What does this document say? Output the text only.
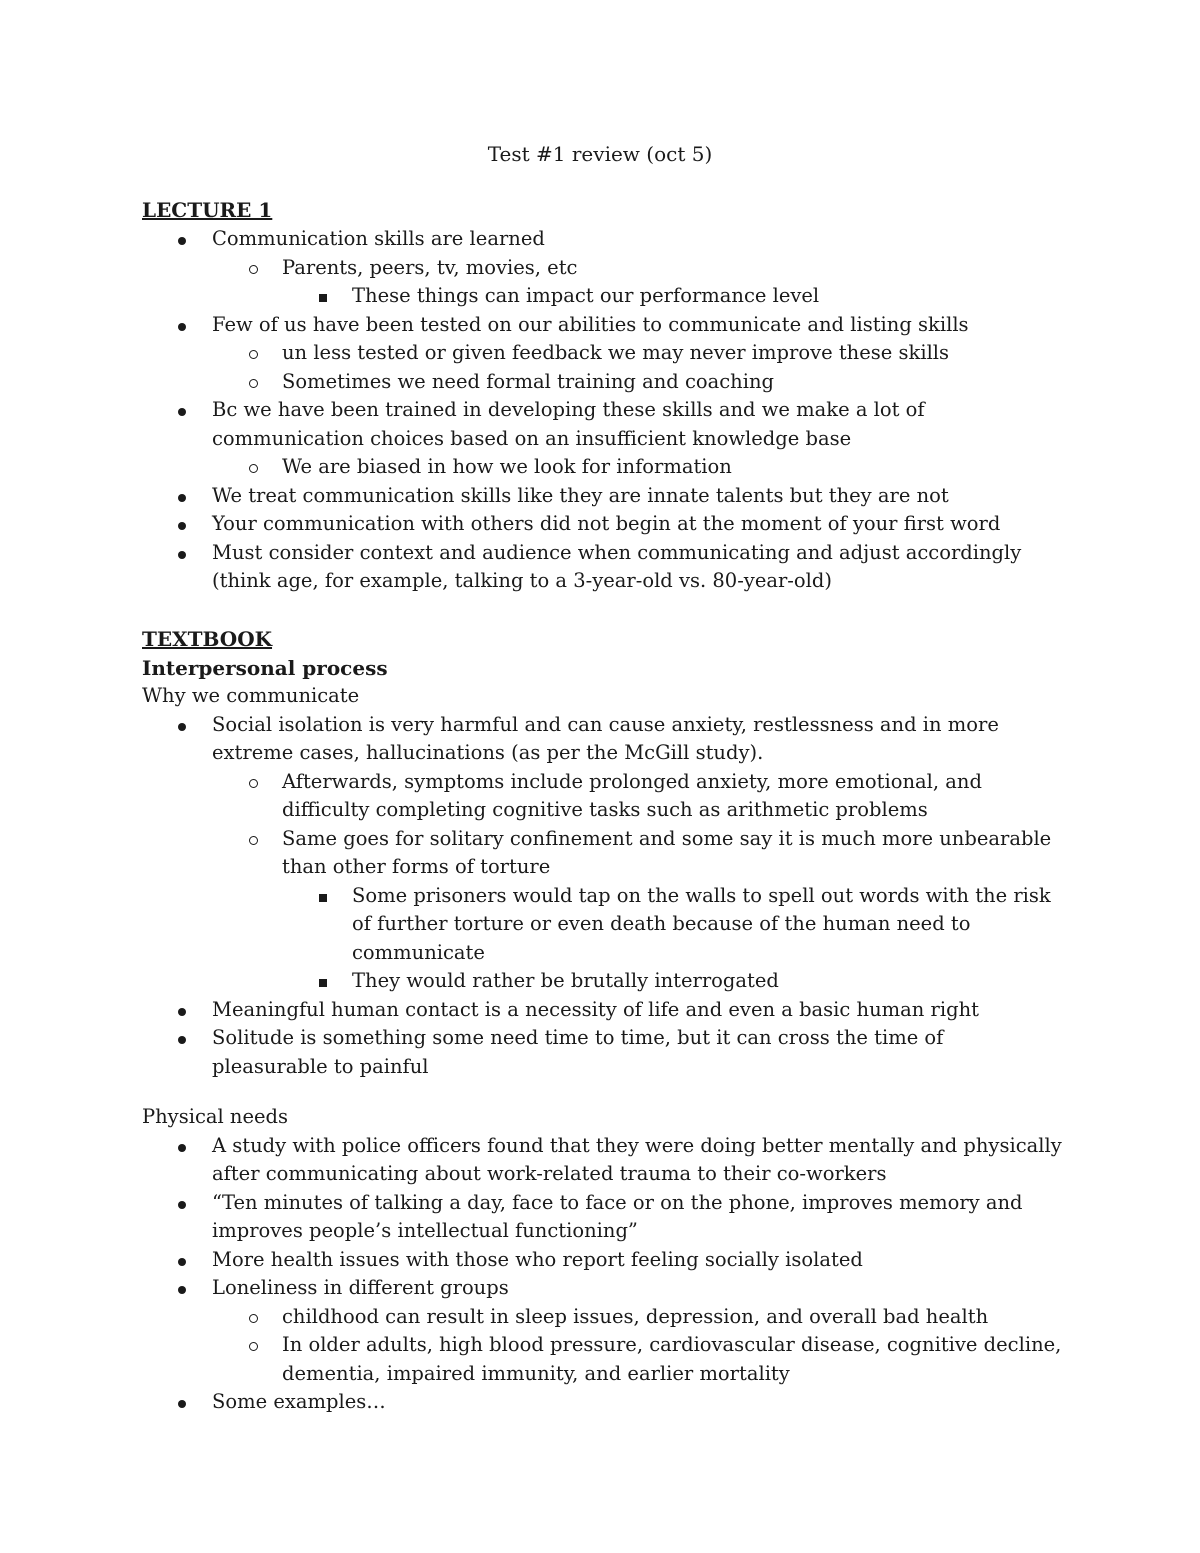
Test #1 review (oct 5)
LECTURE 1
Communication skills are learned
Parents, peers, tv, movies, etc
These things can impact our performance level
Few of us have been tested on our abilities to communicate and listing skills
un less tested or given feedback we may never improve these skills
Sometimes we need formal training and coaching
Bc we have been trained in developing these skills and we make a lot of communication choices based on an insufficient knowledge base
We are biased in how we look for information
We treat communication skills like they are innate talents but they are not
Your communication with others did not begin at the moment of your first word
Must consider context and audience when communicating and adjust accordingly (think age, for example, talking to a 3-year-old vs. 80-year-old)
TEXTBOOK
Interpersonal process

Why we communicate

Social isolation is very harmful and can cause anxiety, restlessness and in more extreme cases, hallucinations (as per the McGill study).
Afterwards, symptoms include prolonged anxiety, more emotional, and difficulty completing cognitive tasks such as arithmetic problems
Same goes for solitary confinement and some say it is much more unbearable than other forms of torture
Some prisoners would tap on the walls to spell out words with the risk of further torture or even death because of the human need to communicate
They would rather be brutally interrogated
Meaningful human contact is a necessity of life and even a basic human right
Solitude is something some need time to time, but it can cross the time of pleasurable to painful

Physical needs

A study with police officers found that they were doing better mentally and physically after communicating about work-related trauma to their co-workers
“Ten minutes of talking a day, face to face or on the phone, improves memory and improves people’s intellectual functioning”
More health issues with those who report feeling socially isolated
Loneliness in different groups
childhood can result in sleep issues, depression, and overall bad health
In older adults, high blood pressure, cardiovascular disease, cognitive decline, dementia, impaired immunity, and earlier mortality
Some examples…
